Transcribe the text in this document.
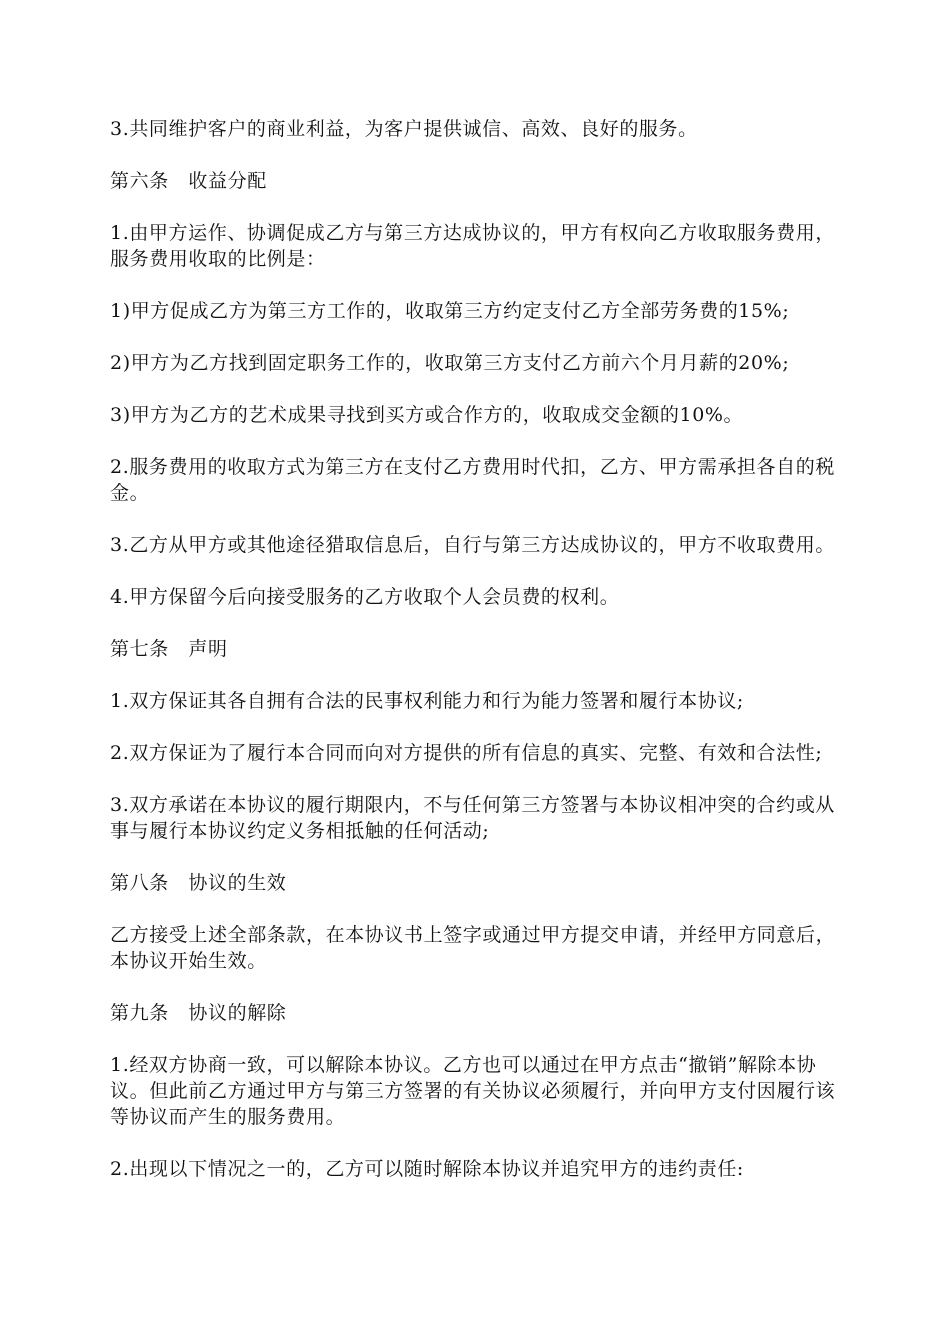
3.共同维护客户的商业利益，为客户提供诚信、高效、良好的服务。

第六条　收益分配

1.由甲方运作、协调促成乙方与第三方达成协议的，甲方有权向乙方收取服务费用，服务费用收取的比例是：

1)甲方促成乙方为第三方工作的，收取第三方约定支付乙方全部劳务费的15%;

2)甲方为乙方找到固定职务工作的，收取第三方支付乙方前六个月月薪的20%;

3)甲方为乙方的艺术成果寻找到买方或合作方的，收取成交金额的10%。

2.服务费用的收取方式为第三方在支付乙方费用时代扣，乙方、甲方需承担各自的税金。

3.乙方从甲方或其他途径猎取信息后，自行与第三方达成协议的，甲方不收取费用。

4.甲方保留今后向接受服务的乙方收取个人会员费的权利。

第七条　声明

1.双方保证其各自拥有合法的民事权利能力和行为能力签署和履行本协议;

2.双方保证为了履行本合同而向对方提供的所有信息的真实、完整、有效和合法性;

3.双方承诺在本协议的履行期限内，不与任何第三方签署与本协议相冲突的合约或从事与履行本协议约定义务相抵触的任何活动;

第八条　协议的生效

乙方接受上述全部条款，在本协议书上签字或通过甲方提交申请，并经甲方同意后，本协议开始生效。

第九条　协议的解除

1.经双方协商一致，可以解除本协议。乙方也可以通过在甲方点击“撤销”解除本协议。但此前乙方通过甲方与第三方签署的有关协议必须履行，并向甲方支付因履行该等协议而产生的服务费用。

2.出现以下情况之一的，乙方可以随时解除本协议并追究甲方的违约责任:
